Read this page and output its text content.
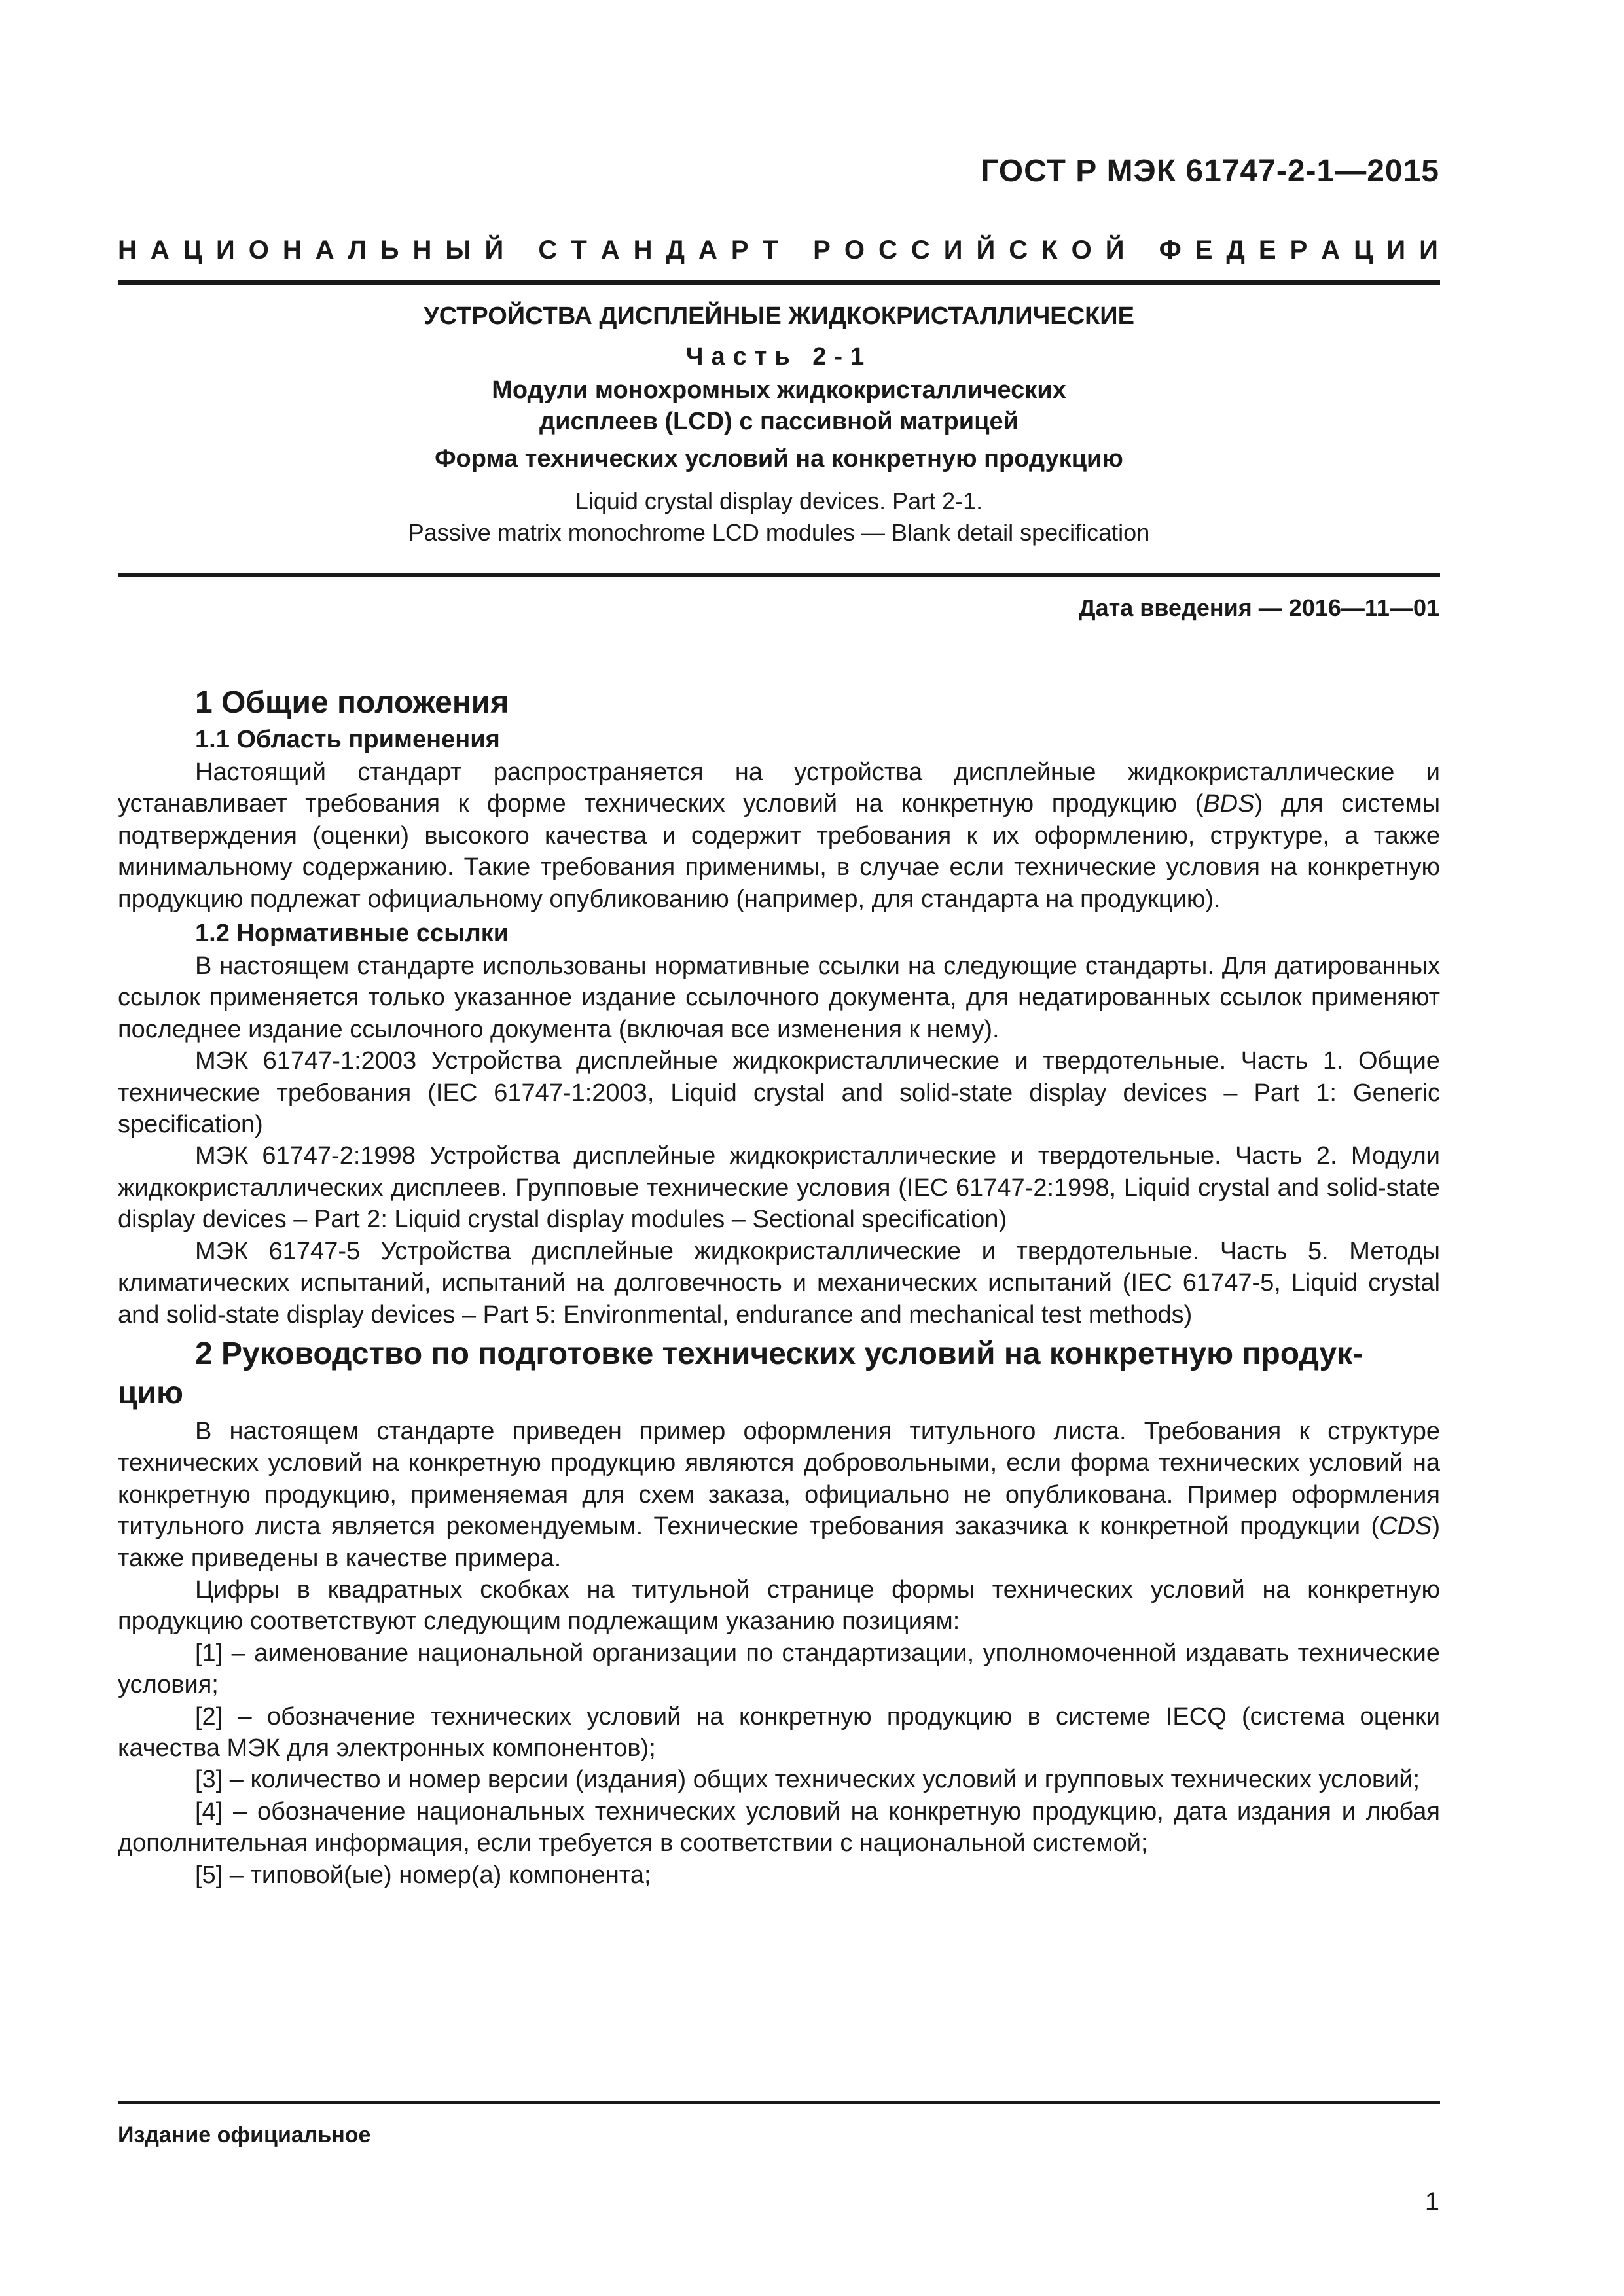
ГОСТ Р МЭК 61747-2-1—2015
Н А Ц И О Н А Л Ь Н Ы Й
С Т А Н Д А Р Т
Р О С С И Й С К О Й
Ф Е Д Е Р А Ц И И
УСТРОЙСТВА ДИСПЛЕЙНЫЕ ЖИДКОКРИСТАЛЛИЧЕСКИЕ
Часть 2-1
Модули монохромных жидкокристаллических
дисплеев (LCD) с пассивной матрицей
Форма технических условий на конкретную продукцию
Liquid crystal display devices. Part 2-1.
Passive matrix monochrome LCD modules — Blank detail specification
Дата введения — 2016—11—01

1 Общие положения

1.1 Область применения

Настоящий стандарт распространяется на устройства дисплейные жидкокристаллические и устанавливает требования к форме технических условий на конкретную продукцию (BDS) для системы подтверждения (оценки) высокого качества и содержит требования к их оформлению, структуре, а также минимальному содержанию. Такие требования применимы, в случае если технические условия на конкретную продукцию подлежат официальному опубликованию (например, для стандарта на продукцию).

1.2 Нормативные ссылки

В настоящем стандарте использованы нормативные ссылки на следующие стандарты. Для датированных ссылок применяется только указанное издание ссылочного документа, для недатированных ссылок применяют последнее издание ссылочного документа (включая все изменения к нему).

МЭК 61747-1:2003 Устройства дисплейные жидкокристаллические и твердотельные. Часть 1. Общие технические требования (IEC 61747-1:2003, Liquid crystal and solid-state display devices – Part 1: Generic specification)

МЭК 61747-2:1998 Устройства дисплейные жидкокристаллические и твердотельные. Часть 2. Модули жидкокристаллических дисплеев. Групповые технические условия (IEC 61747-2:1998, Liquid crystal and solid-state display devices – Part 2: Liquid crystal display modules – Sectional specification)

МЭК 61747-5 Устройства дисплейные жидкокристаллические и твердотельные. Часть 5. Методы климатических испытаний, испытаний на долговечность и механических испытаний (IEC 61747-5, Liquid crystal and solid-state display devices – Part 5: Environmental, endurance and mechanical test methods)

2 Руководство по подготовке технических условий на конкретную продук-

цию

В настоящем стандарте приведен пример оформления титульного листа. Требования к структуре технических условий на конкретную продукцию являются добровольными, если форма технических условий на конкретную продукцию, применяемая для схем заказа, официально не опубликована. Пример оформления титульного листа является рекомендуемым. Технические требования заказчика к конкретной продукции (CDS) также приведены в качестве примера.

Цифры в квадратных скобках на титульной странице формы технических условий на конкретную продукцию соответствуют следующим подлежащим указанию позициям:

[1] – аименование национальной организации по стандартизации, уполномоченной издавать технические условия;

[2] – обозначение технических условий на конкретную продукцию в системе IECQ (система оценки качества МЭК для электронных компонентов);

[3] – количество и номер версии (издания) общих технических условий и групповых технических условий;

[4] – обозначение национальных технических условий на конкретную продукцию, дата издания и любая дополнительная информация, если требуется в соответствии с национальной системой;

[5] – типовой(ые) номер(а) компонента;

Издание официальное
1
